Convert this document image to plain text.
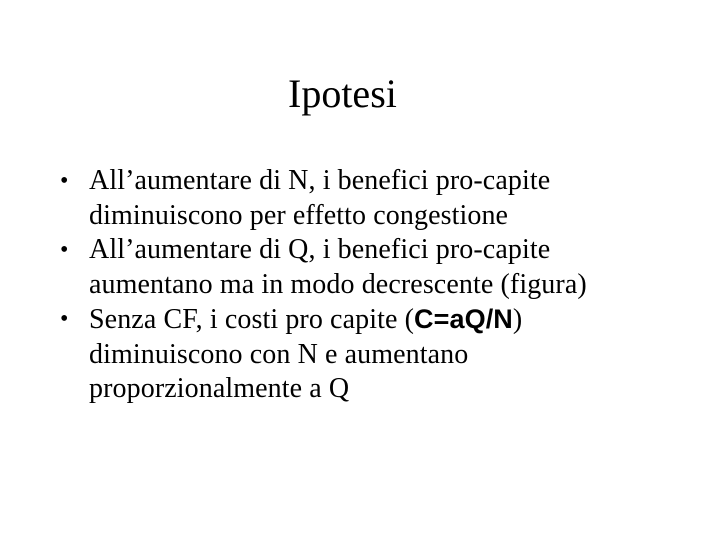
Ipotesi
• All’aumentare di N, i benefici pro-capite
diminuiscono per effetto congestione
• All’aumentare di Q, i benefici pro-capite
aumentano ma in modo decrescente (figura)
• Senza CF, i costi pro capite (C=aQ/N)
diminuiscono con N e aumentano
proporzionalmente a Q
